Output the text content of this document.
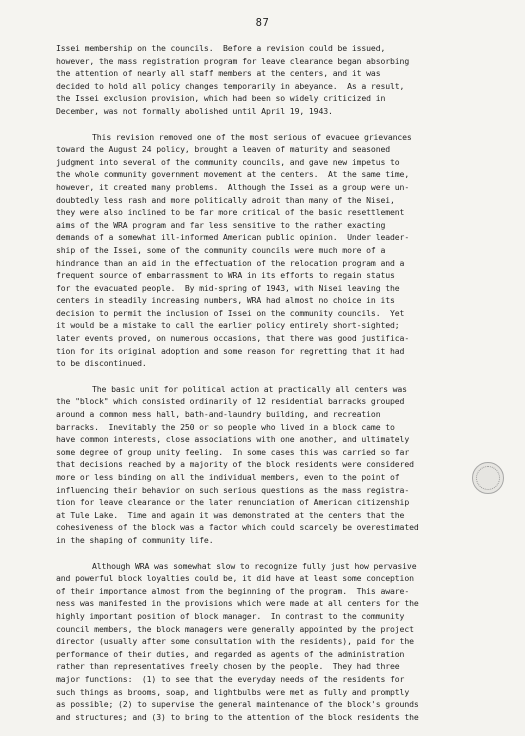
87
Issei membership on the councils.  Before a revision could be issued,
however, the mass registration program for leave clearance began absorbing
the attention of nearly all staff members at the centers, and it was
decided to hold all policy changes temporarily in abeyance.  As a result,
the Issei exclusion provision, which had been so widely criticized in
December, was not formally abolished until April 19, 1943.
This revision removed one of the most serious of evacuee grievances
toward the August 24 policy, brought a leaven of maturity and seasoned
judgment into several of the community councils, and gave new impetus to
the whole community government movement at the centers.  At the same time,
however, it created many problems.  Although the Issei as a group were un-
doubtedly less rash and more politically adroit than many of the Nisei,
they were also inclined to be far more critical of the basic resettlement
aims of the WRA program and far less sensitive to the rather exacting
demands of a somewhat ill-informed American public opinion.  Under leader-
ship of the Issei, some of the community councils were much more of a
hindrance than an aid in the effectuation of the relocation program and a
frequent source of embarrassment to WRA in its efforts to regain status
for the evacuated people.  By mid-spring of 1943, with Nisei leaving the
centers in steadily increasing numbers, WRA had almost no choice in its
decision to permit the inclusion of Issei on the community councils.  Yet
it would be a mistake to call the earlier policy entirely short-sighted;
later events proved, on numerous occasions, that there was good justifica-
tion for its original adoption and some reason for regretting that it had
to be discontinued.
The basic unit for political action at practically all centers was
the "block" which consisted ordinarily of 12 residential barracks grouped
around a common mess hall, bath-and-laundry building, and recreation
barracks.  Inevitably the 250 or so people who lived in a block came to
have common interests, close associations with one another, and ultimately
some degree of group unity feeling.  In some cases this was carried so far
that decisions reached by a majority of the block residents were considered
more or less binding on all the individual members, even to the point of
influencing their behavior on such serious questions as the mass registra-
tion for leave clearance or the later renunciation of American citizenship
at Tule Lake.  Time and again it was demonstrated at the centers that the
cohesiveness of the block was a factor which could scarcely be overestimated
in the shaping of community life.
Although WRA was somewhat slow to recognize fully just how pervasive
and powerful block loyalties could be, it did have at least some conception
of their importance almost from the beginning of the program.  This aware-
ness was manifested in the provisions which were made at all centers for the
highly important position of block manager.  In contrast to the community
council members, the block managers were generally appointed by the project
director (usually after some consultation with the residents), paid for the
performance of their duties, and regarded as agents of the administration
rather than representatives freely chosen by the people.  They had three
major functions:  (1) to see that the everyday needs of the residents for
such things as brooms, soap, and lightbulbs were met as fully and promptly
as possible; (2) to supervise the general maintenance of the block's grounds
and structures; and (3) to bring to the attention of the block residents the
